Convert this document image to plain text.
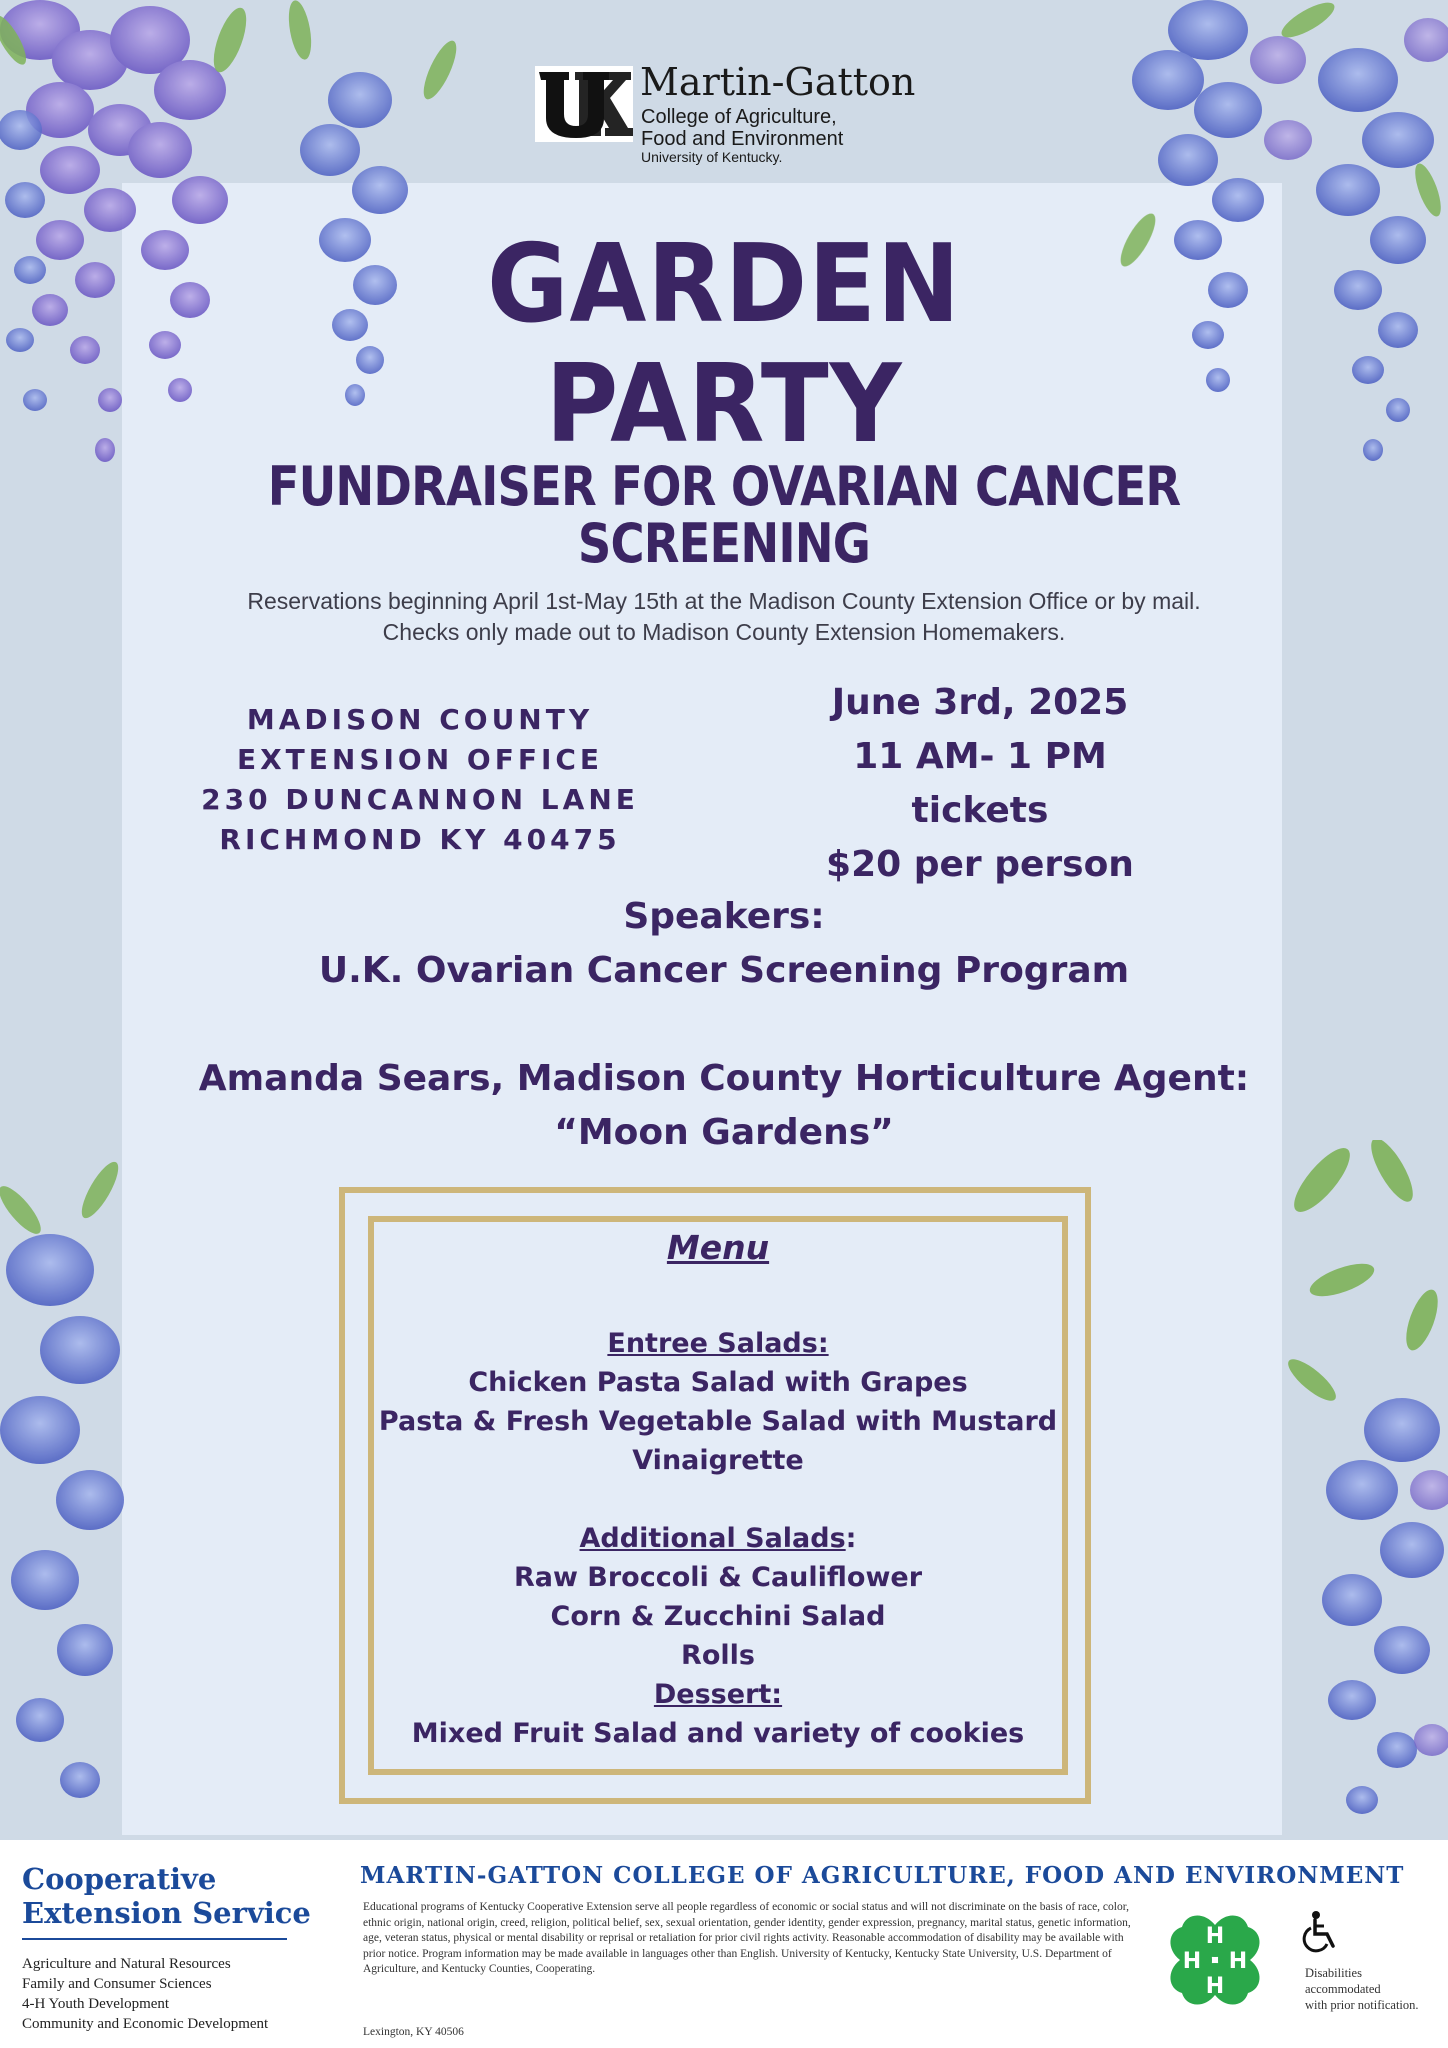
Martin-Gatton
College of Agriculture,
Food and Environment
University of Kentucky.
GARDEN
PARTY
FUNDRAISER FOR OVARIAN CANCER
SCREENING
Reservations beginning April 1st-May 15th at the Madison County Extension Office or by mail.
Checks only made out to Madison County Extension Homemakers.
MADISON COUNTY
EXTENSION OFFICE
230 DUNCANNON LANE
RICHMOND KY 40475
June 3rd, 2025
11 AM- 1 PM
tickets
$20 per person
Speakers:
U.K. Ovarian Cancer Screening Program
Amanda Sears, Madison County Horticulture Agent:
“Moon Gardens”
Menu
Entree Salads:
Chicken Pasta Salad with Grapes
Pasta & Fresh Vegetable Salad with Mustard
Vinaigrette
Additional Salads:
Raw Broccoli & Cauliflower
Corn & Zucchini Salad
Rolls
Dessert:
Mixed Fruit Salad and variety of cookies
Cooperative
Extension Service
Agriculture and Natural Resources
Family and Consumer Sciences
4-H Youth Development
Community and Economic Development
MARTIN-GATTON COLLEGE OF AGRICULTURE, FOOD AND ENVIRONMENT
Educational programs of Kentucky Cooperative Extension serve all people regardless of economic or social status and will not discriminate on the basis of race, color, ethnic origin, national origin, creed, religion, political belief, sex, sexual orientation, gender identity, gender expression, pregnancy, marital status, genetic information, age, veteran status, physical or mental disability or reprisal or retaliation for prior civil rights activity. Reasonable accommodation of disability may be available with prior notice. Program information may be made available in languages other than English. University of Kentucky, Kentucky State University, U.S. Department of Agriculture, and Kentucky Counties, Cooperating.
Lexington, KY 40506
H
H
H
H	Disabilities
accommodated
with prior notification.
